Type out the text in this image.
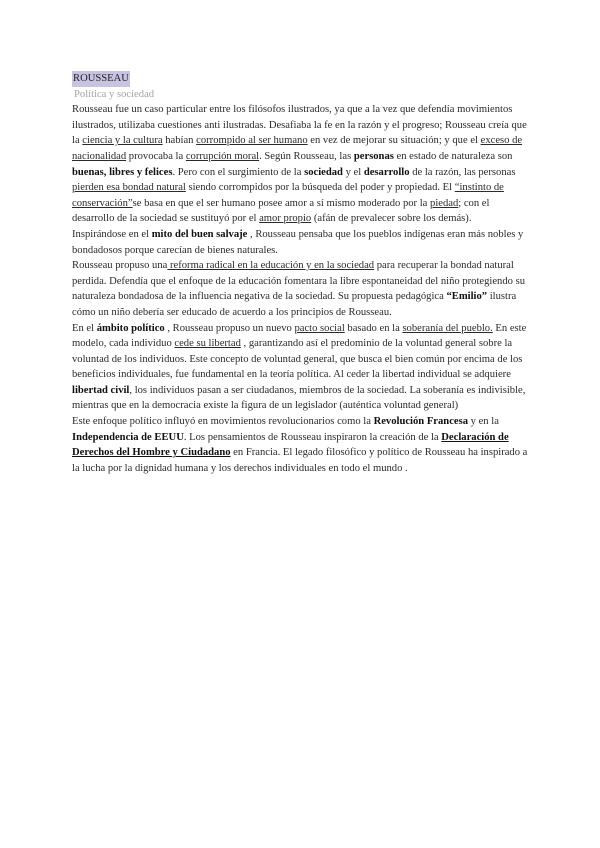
ROUSSEAU
Política y sociedad

Rousseau fue un caso particular entre los filósofos ilustrados, ya que a la vez que defendía movimientos ilustrados, utilizaba cuestiones anti ilustradas. Desafiaba la fe en la razón y el progreso; Rousseau creía que la ciencia y la cultura habían corrompido al ser humano en vez de mejorar su situación; y que el exceso de nacionalidad provocaba la corrupción moral. Según Rousseau, las personas en estado de naturaleza son buenas, libres y felices. Pero con el surgimiento de la sociedad y el desarrollo de la razón, las personas pierden esa bondad natural siendo corrompidos por la búsqueda del poder y propiedad. El “instinto de conservación”se basa en que el ser humano posee amor a sí mismo moderado por la piedad; con el desarrollo de la sociedad se sustituyó por el amor propio (afán de prevalecer sobre los demás).

Inspirándose en el mito del buen salvaje , Rousseau pensaba que los pueblos indígenas eran más nobles y bondadosos porque carecían de bienes naturales.

Rousseau propuso una reforma radical en la educación y en la sociedad para recuperar la bondad natural perdida. Defendía que el enfoque de la educación fomentara la libre espontaneidad del niño protegiendo su naturaleza bondadosa de la influencia negativa de la sociedad. Su propuesta pedagógica “Emilio” ilustra cómo un niño debería ser educado de acuerdo a los principios de Rousseau.

En el ámbito político , Rousseau propuso un nuevo pacto social basado en la soberanía del pueblo. En este modelo, cada individuo cede su libertad , garantizando así el predominio de la voluntad general sobre la voluntad de los individuos. Este concepto de voluntad general, que busca el bien común por encima de los beneficios individuales, fue fundamental en la teoría política. Al ceder la libertad individual se adquiere libertad civil, los individuos pasan a ser ciudadanos, miembros de la sociedad. La soberanía es indivisible, mientras que en la democracia existe la figura de un legislador (auténtica voluntad general)

Este enfoque político influyó en movimientos revolucionarios como la Revolución Francesa y en la Independencia de EEUU. Los pensamientos de Rousseau inspiraron la creación de la Declaración de Derechos del Hombre y Ciudadano en Francia. El legado filosófico y político de Rousseau ha inspirado a la lucha por la dignidad humana y los derechos individuales en todo el mundo .
